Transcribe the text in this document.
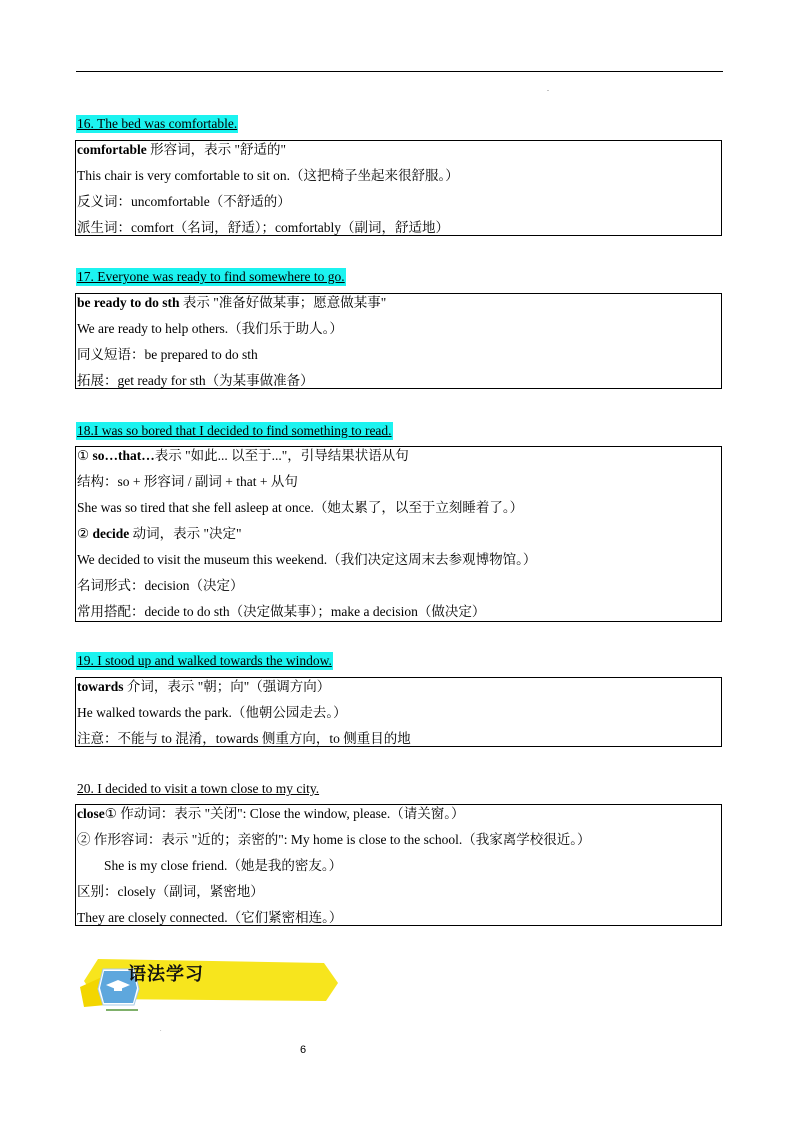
.
16. The bed was comfortable.
comfortable 形容词，表示 "舒适的"
This chair is very comfortable to sit on.（这把椅子坐起来很舒服。）
反义词：uncomfortable（不舒适的）
派生词：comfort（名词，舒适）；comfortably（副词，舒适地）
17. Everyone was ready to find somewhere to go.
be ready to do sth 表示 "准备好做某事；愿意做某事"
We are ready to help others.（我们乐于助人。）
同义短语：be prepared to do sth
拓展：get ready for sth（为某事做准备）
18.I was so bored that I decided to find something to read.
① so…that…表示 "如此... 以至于..."，引导结果状语从句
结构：so + 形容词 / 副词 + that + 从句
She was so tired that she fell asleep at once.（她太累了，以至于立刻睡着了。）
② decide 动词，表示 "决定"
We decided to visit the museum this weekend.（我们决定这周末去参观博物馆。）
名词形式：decision（决定）
常用搭配：decide to do sth（决定做某事）；make a decision（做决定）
19. I stood up and walked towards the window.
towards 介词，表示 "朝；向"（强调方向）
He walked towards the park.（他朝公园走去。）
注意：不能与 to 混淆，towards 侧重方向，to 侧重目的地
20. I decided to visit a town close to my city.
close① 作动词：表示 "关闭": Close the window, please.（请关窗。）
② 作形容词：表示 "近的；亲密的": My home is close to the school.（我家离学校很近。）
She is my close friend.（她是我的密友。）
区别：closely（副词，紧密地）
They are closely connected.（它们紧密相连。）
语法学习
.
6
